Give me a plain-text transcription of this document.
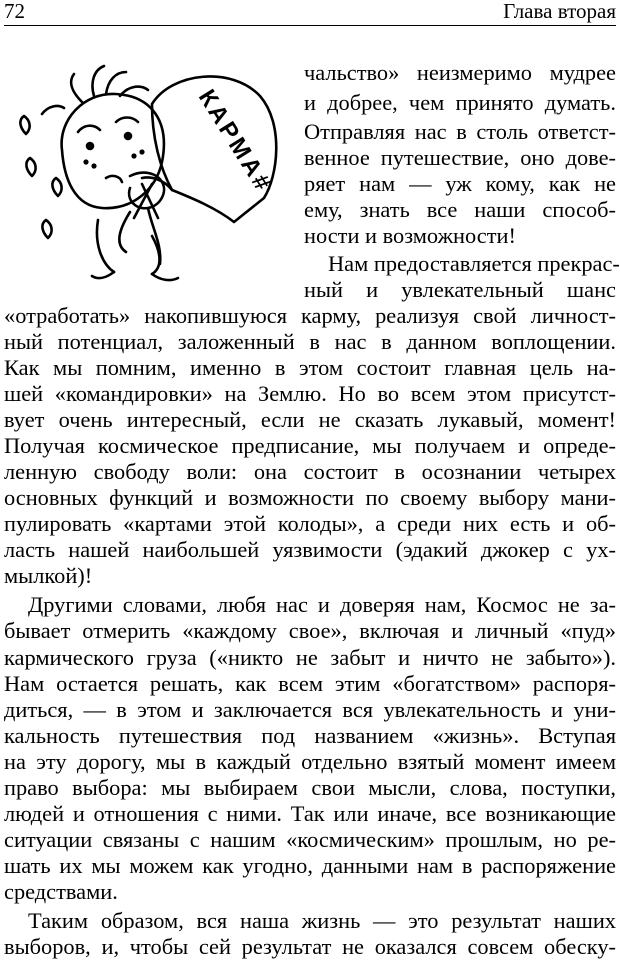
72	Глава вторая
КАРМА#
чальство» неизмеримо мудрее
и добрее, чем принято думать.
Отправляя нас в столь ответст-
венное путешествие, оно дове-
ряет нам — уж кому, как не
ему, знать все наши способ-
ности и возможности!
Нам предоставляется прекрас-
ный и увлекательный шанс
«отработать» накопившуюся карму, реализуя свой личност-
ный потенциал, заложенный в нас в данном воплощении.
Как мы помним, именно в этом состоит главная цель на-
шей «командировки» на Землю. Но во всем этом присутст-
вует очень интересный, если не сказать лукавый, момент!
Получая космическое предписание, мы получаем и опреде-
ленную свободу воли: она состоит в осознании четырех
основных функций и возможности по своему выбору мани-
пулировать «картами этой колоды», а среди них есть и об-
ласть нашей наибольшей уязвимости (эдакий джокер с ух-
мылкой)!
Другими словами, любя нас и доверяя нам, Космос не за-
бывает отмерить «каждому свое», включая и личный «пуд»
кармического груза («никто не забыт и ничто не забыто»).
Нам остается решать, как всем этим «богатством» распоря-
диться, — в этом и заключается вся увлекательность и уни-
кальность путешествия под названием «жизнь». Вступая
на эту дорогу, мы в каждый отдельно взятый момент имеем
право выбора: мы выбираем свои мысли, слова, поступки,
людей и отношения с ними. Так или иначе, все возникающие
ситуации связаны с нашим «космическим» прошлым, но ре-
шать их мы можем как угодно, данными нам в распоряжение
средствами.
Таким образом, вся наша жизнь — это результат наших
выборов, и, чтобы сей результат не оказался совсем обеску-
